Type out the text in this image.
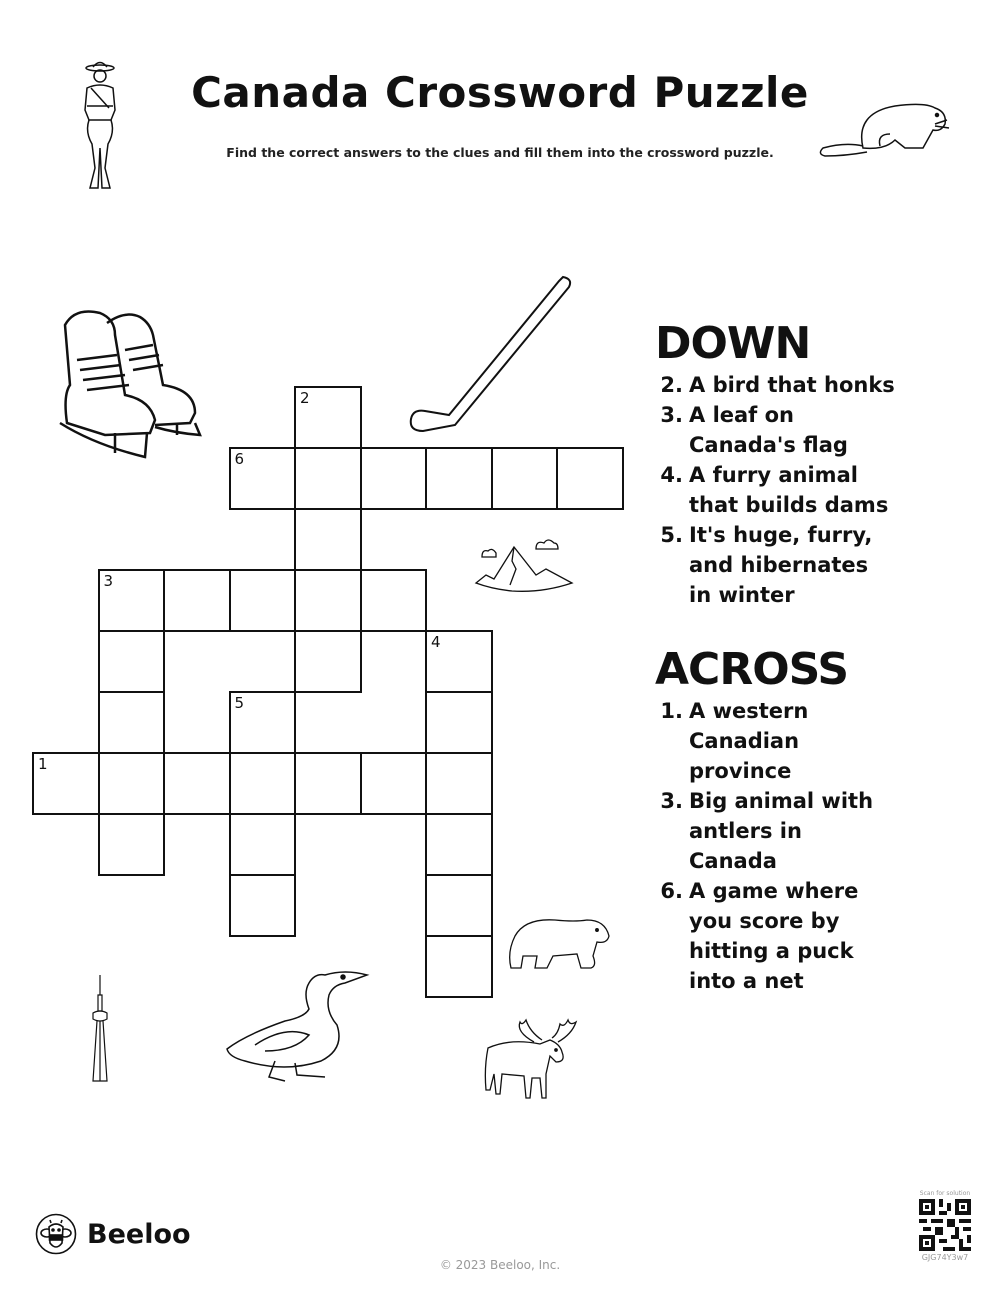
Canada Crossword Puzzle
Find the correct answers to the clues and fill them into the crossword puzzle.
1
2
3
4
5
6
DOWN
2. A bird that honks
3. A leaf on Canada's flag
4. A furry animal that builds dams
5. It's huge, furry, and hibernates in winter
ACROSS
1. A western Canadian province
3. Big animal with antlers in Canada
6. A game where you score by hitting a puck into a net
Beeloo
© 2023 Beeloo, Inc.
Scan for solution
GJG74Y3w7
